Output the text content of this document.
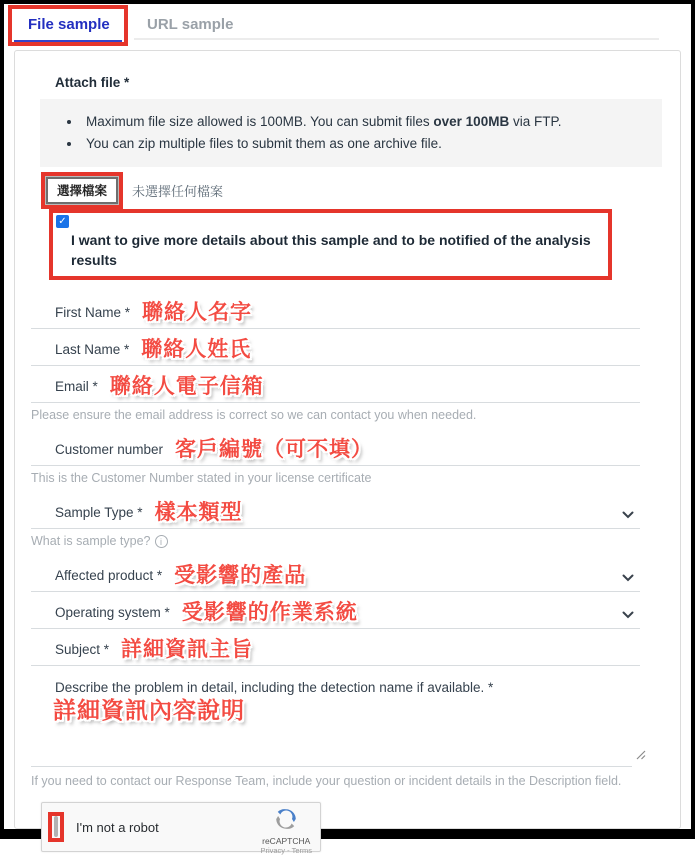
File sample	URL sample
Attach file *
• Maximum file size allowed is 100MB. You can submit files over 100MB via FTP.
• You can zip multiple files to submit them as one archive file.
選擇檔案	未選擇任何檔案
✓
I want to give more details about this sample and to be notified of the analysis results
First Name * 聯絡人名字
Last Name * 聯絡人姓氏
Email * 聯絡人電子信箱
Please ensure the email address is correct so we can contact you when needed.
Customer number 客戶編號（可不填）
This is the Customer Number stated in your license certificate
Sample Type * 樣本類型
What is sample type? i
Affected product * 受影響的產品
Operating system * 受影響的作業系統
Subject * 詳細資訊主旨
Describe the problem in detail, including the detection name if available. *
詳細資訊內容說明
If you need to contact our Response Team, include your question or incident details in the Description field.
I'm not a robot
reCAPTCHA
Privacy - Terms
